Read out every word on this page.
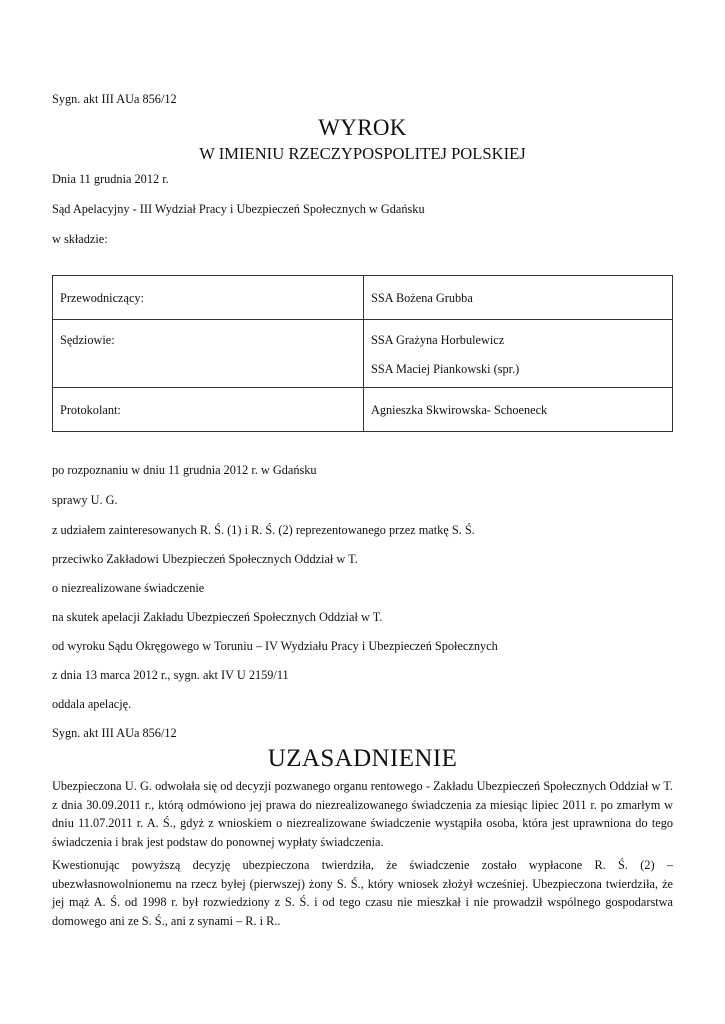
Sygn. akt III AUa 856/12
WYROK
W IMIENIU RZECZYPOSPOLITEJ POLSKIEJ
Dnia 11 grudnia 2012 r.
Sąd Apelacyjny - III Wydział Pracy i Ubezpieczeń Społecznych w Gdańsku
w składzie:
Przewodniczący:	SSA Bożena Grubba

Sędziowie:	SSA Grażyna Horbulewicz
SSA Maciej Piankowski (spr.)

Protokolant:	Agnieszka Skwirowska- Schoeneck
po rozpoznaniu w dniu 11 grudnia 2012 r. w Gdańsku
sprawy U. G.
z udziałem zainteresowanych R. Ś. (1) i R. Ś. (2) reprezentowanego przez matkę S. Ś.
przeciwko Zakładowi Ubezpieczeń Społecznych Oddział w T.
o niezrealizowane świadczenie
na skutek apelacji Zakładu Ubezpieczeń Społecznych Oddział w T.
od wyroku Sądu Okręgowego w Toruniu – IV Wydziału Pracy i Ubezpieczeń Społecznych
z dnia 13 marca 2012 r., sygn. akt IV U 2159/11
oddala apelację.
Sygn. akt III AUa 856/12
UZASADNIENIE

Ubezpieczona U. G. odwołała się od decyzji pozwanego organu rentowego - Zakładu Ubezpieczeń Społecznych Oddział w T. z dnia 30.09.2011 r., którą odmówiono jej prawa do niezrealizowanego świadczenia za miesiąc lipiec 2011 r. po zmarłym w dniu 11.07.2011 r. A. Ś., gdyż z wnioskiem o niezrealizowane świadczenie wystąpiła osoba, która jest uprawniona do tego świadczenia i brak jest podstaw do ponownej wypłaty świadczenia.

Kwestionując powyższą decyzję ubezpieczona twierdziła, że świadczenie zostało wypłacone R. Ś. (2) – ubezwłasnowolnionemu na rzecz byłej (pierwszej) żony S. Ś., który wniosek złożył wcześniej. Ubezpieczona twierdziła, że jej mąż A. Ś. od 1998 r. był rozwiedziony z S. Ś. i od tego czasu nie mieszkał i nie prowadził wspólnego gospodarstwa domowego ani ze S. Ś., ani z synami – R. i R..
